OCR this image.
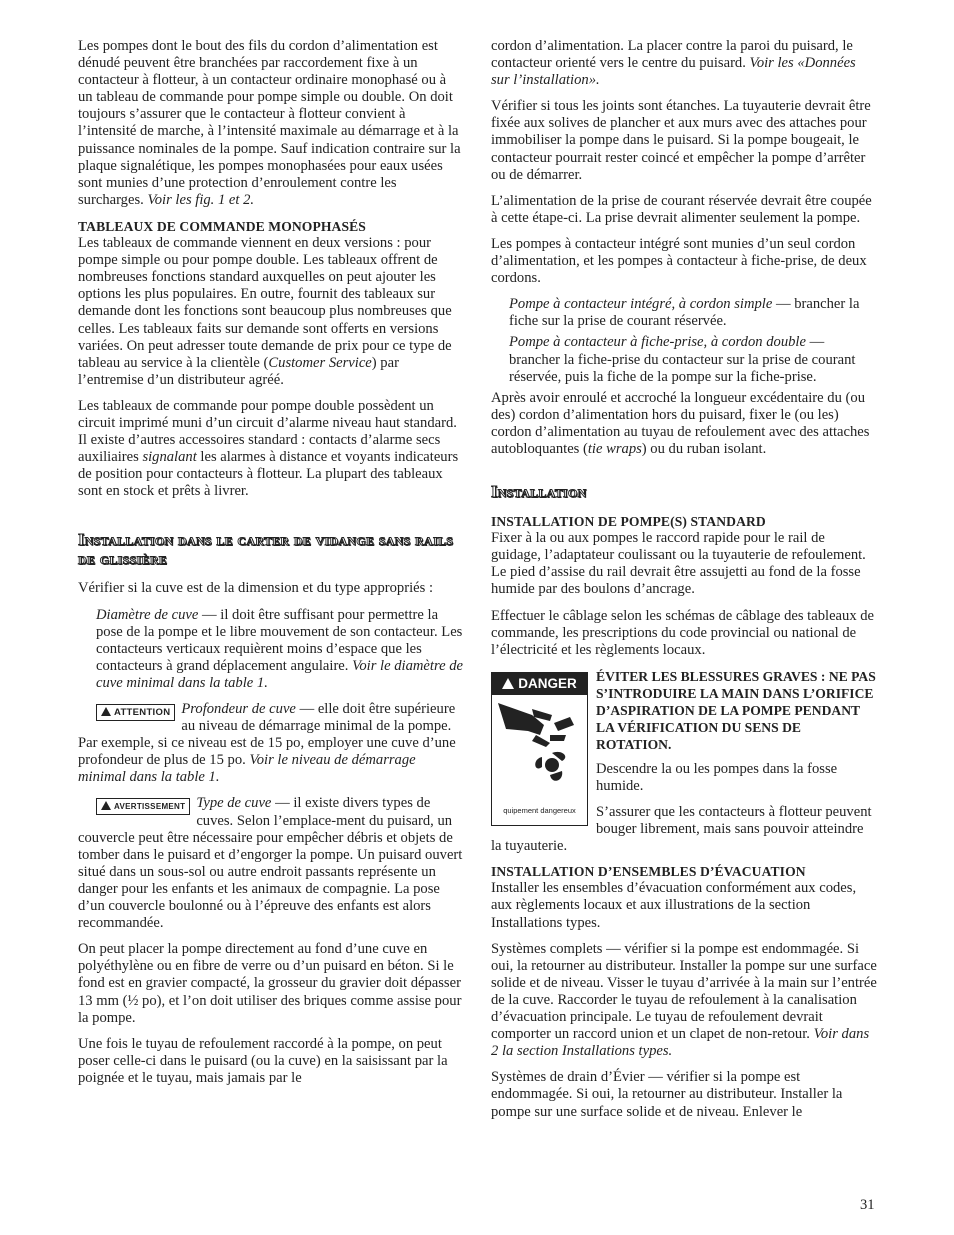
Les pompes dont le bout des fils du cordon d’alimentation est dénudé peuvent être branchées par raccordement fixe à un contacteur à flotteur, à un contacteur ordinaire monophasé ou à un tableau de commande pour pompe simple ou double. On doit toujours s’assurer que le contacteur à flotteur convient à l’intensité de marche, à l’intensité maximale au démarrage et à la puissance nominales de la pompe. Sauf indication contraire sur la plaque signalétique, les pompes monophasées pour eaux usées sont munies d’une protection d’enroulement contre les surcharges. Voir les fig. 1 et 2.

TABLEAUX DE COMMANDE MONOPHASÉS

Les tableaux de commande viennent en deux versions : pour pompe simple ou pour pompe double. Les tableaux offrent de nombreuses fonctions standard auxquelles on peut ajouter les options les plus populaires. En outre, fournit des tableaux sur demande dont les fonctions sont beaucoup plus nombreuses que celles. Les tableaux faits sur demande sont offerts en versions variées. On peut adresser toute demande de prix pour ce type de tableau au service à la clientèle (Customer Service) par l’entremise d’un distributeur agréé.

Les tableaux de commande pour pompe double possèdent un circuit imprimé muni d’un circuit d’alarme niveau haut standard. Il existe d’autres accessoires standard : contacts d’alarme secs auxiliaires signalant les alarmes à distance et voyants indicateurs de position pour contacteurs à flotteur. La plupart des tableaux sont en stock et prêts à livrer.

Installation dans le carter de vidange sans rails de glissière

Vérifier si la cuve est de la dimension et du type appropriés :

Diamètre de cuve — il doit être suffisant pour permettre la pose de la pompe et le libre mouvement de son contacteur. Les contacteurs verticaux requièrent moins d’espace que les contacteurs à grand déplacement angulaire. Voir le diamètre de cuve minimal dans la table 1.

ATTENTION Profondeur de cuve — elle doit être supérieure au niveau de démarrage minimal de la pompe. Par exemple, si ce niveau est de 15 po, employer une cuve d’une profondeur de plus de 15 po. Voir le niveau de démarrage minimal dans la table 1.
AVERTISSEMENT Type de cuve — il existe divers types de cuves. Selon l’emplace-ment du puisard, un couvercle peut être nécessaire pour empêcher débris et objets de tomber dans le puisard et d’engorger la pompe. Un puisard ouvert situé dans un sous-sol ou autre endroit passants représente un danger pour les enfants et les animaux de compagnie. La pose d’un couvercle boulonné ou à l’épreuve des enfants est alors recommandée.

On peut placer la pompe directement au fond d’une cuve en polyéthylène ou en fibre de verre ou d’un puisard en béton. Si le fond est en gravier compacté, la grosseur du gravier doit dépasser 13 mm (½ po), et l’on doit utiliser des briques comme assise pour la pompe.

Une fois le tuyau de refoulement raccordé à la pompe, on peut poser celle-ci dans le puisard (ou la cuve) en la saisissant par la poignée et le tuyau, mais jamais par le

cordon d’alimentation. La placer contre la paroi du puisard, le contacteur orienté vers le centre du puisard. Voir les «Données sur l’installation».

Vérifier si tous les joints sont étanches. La tuyauterie devrait être fixée aux solives de plancher et aux murs avec des attaches pour immobiliser la pompe dans le puisard. Si la pompe bougeait, le contacteur pourrait rester coincé et empêcher la pompe d’arrêter ou de démarrer.

L’alimentation de la prise de courant réservée devrait être coupée à cette étape-ci. La prise devrait alimenter seulement la pompe.

Les pompes à contacteur intégré sont munies d’un seul cordon d’alimentation, et les pompes à contacteur à fiche-prise, de deux cordons.

Pompe à contacteur intégré, à cordon simple — brancher la fiche sur la prise de courant réservée.

Pompe à contacteur à fiche-prise, à cordon double — brancher la fiche-prise du contacteur sur la prise de courant réservée, puis la fiche de la pompe sur la fiche-prise.

Après avoir enroulé et accroché la longueur excédentaire du (ou des) cordon d’alimentation hors du puisard, fixer le (ou les) cordon d’alimentation au tuyau de refoulement avec des attaches autobloquantes (tie wraps) ou du ruban isolant.

Installation

INSTALLATION DE POMPE(S) STANDARD

Fixer à la ou aux pompes le raccord rapide pour le rail de guidage, l’adaptateur coulissant ou la tuyauterie de refoulement. Le pied d’assise du rail devrait être assujetti au fond de la fosse humide par des boulons d’ancrage.

Effectuer le câblage selon les schémas de câblage des tableaux de commande, les prescriptions du code provincial ou national de l’électricité et les règlements locaux.

DANGER
quipement dangereux

ÉVITER LES BLESSURES GRAVES : NE PAS S’INTRODUIRE LA MAIN DANS L’ORIFICE D’ASPIRATION DE LA POMPE PENDANT LA VÉRIFICATION DU SENS DE ROTATION.

Descendre la ou les pompes dans la fosse humide.

S’assurer que les contacteurs à flotteur peuvent bouger librement, mais sans pouvoir atteindre la tuyauterie.

INSTALLATION D’ENSEMBLES D’ÉVACUATION

Installer les ensembles d’évacuation conformément aux codes, aux règlements locaux et aux illustrations de la section Installations types.

Systèmes complets — vérifier si la pompe est endommagée. Si oui, la retourner au distributeur. Installer la pompe sur une surface solide et de niveau. Visser le tuyau d’arrivée à la main sur l’entrée de la cuve. Raccorder le tuyau de refoulement à la canalisation d’évacuation principale. Le tuyau de refoulement devrait comporter un raccord union et un clapet de non-retour. Voir dans 2 la section Installations types.

Systèmes de drain d’Évier — vérifier si la pompe est endommagée. Si oui, la retourner au distributeur. Installer la pompe sur une surface solide et de niveau. Enlever le

31
